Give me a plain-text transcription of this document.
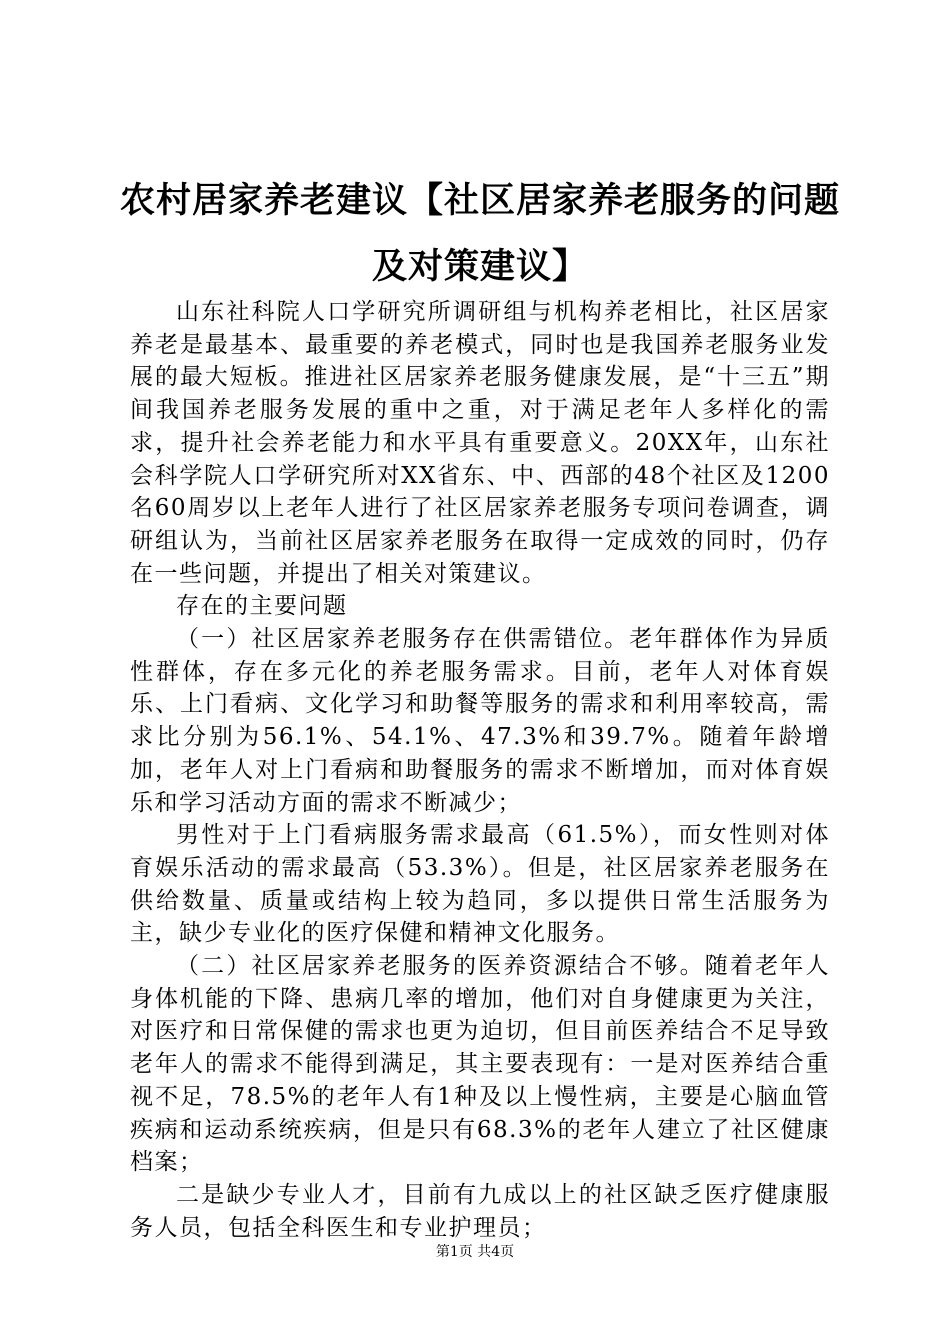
农村居家养老建议【社区居家养老服务的问题及对策建议】

山东社科院人口学研究所调研组与机构养老相比，社区居家养老是最基本、最重要的养老模式，同时也是我国养老服务业发展的最大短板。推进社区居家养老服务健康发展，是“十三五”期间我国养老服务发展的重中之重，对于满足老年人多样化的需求，提升社会养老能力和水平具有重要意义。20XX年，山东社会科学院人口学研究所对XX省东、中、西部的48个社区及1200名60周岁以上老年人进行了社区居家养老服务专项问卷调查，调研组认为，当前社区居家养老服务在取得一定成效的同时，仍存在一些问题，并提出了相关对策建议。

存在的主要问题

（一）社区居家养老服务存在供需错位。老年群体作为异质性群体，存在多元化的养老服务需求。目前，老年人对体育娱乐、上门看病、文化学习和助餐等服务的需求和利用率较高，需求比分别为56.1%、54.1%、47.3%和39.7%。随着年龄增加，老年人对上门看病和助餐服务的需求不断增加，而对体育娱乐和学习活动方面的需求不断减少；

男性对于上门看病服务需求最高（61.5%），而女性则对体育娱乐活动的需求最高（53.3%）。但是，社区居家养老服务在供给数量、质量或结构上较为趋同，多以提供日常生活服务为主，缺少专业化的医疗保健和精神文化服务。

（二）社区居家养老服务的医养资源结合不够。随着老年人身体机能的下降、患病几率的增加，他们对自身健康更为关注，对医疗和日常保健的需求也更为迫切，但目前医养结合不足导致老年人的需求不能得到满足，其主要表现有：一是对医养结合重视不足，78.5%的老年人有1种及以上慢性病，主要是心脑血管疾病和运动系统疾病，但是只有68.3%的老年人建立了社区健康档案；

二是缺少专业人才，目前有九成以上的社区缺乏医疗健康服务人员，包括全科医生和专业护理员；

第1页 共4页
